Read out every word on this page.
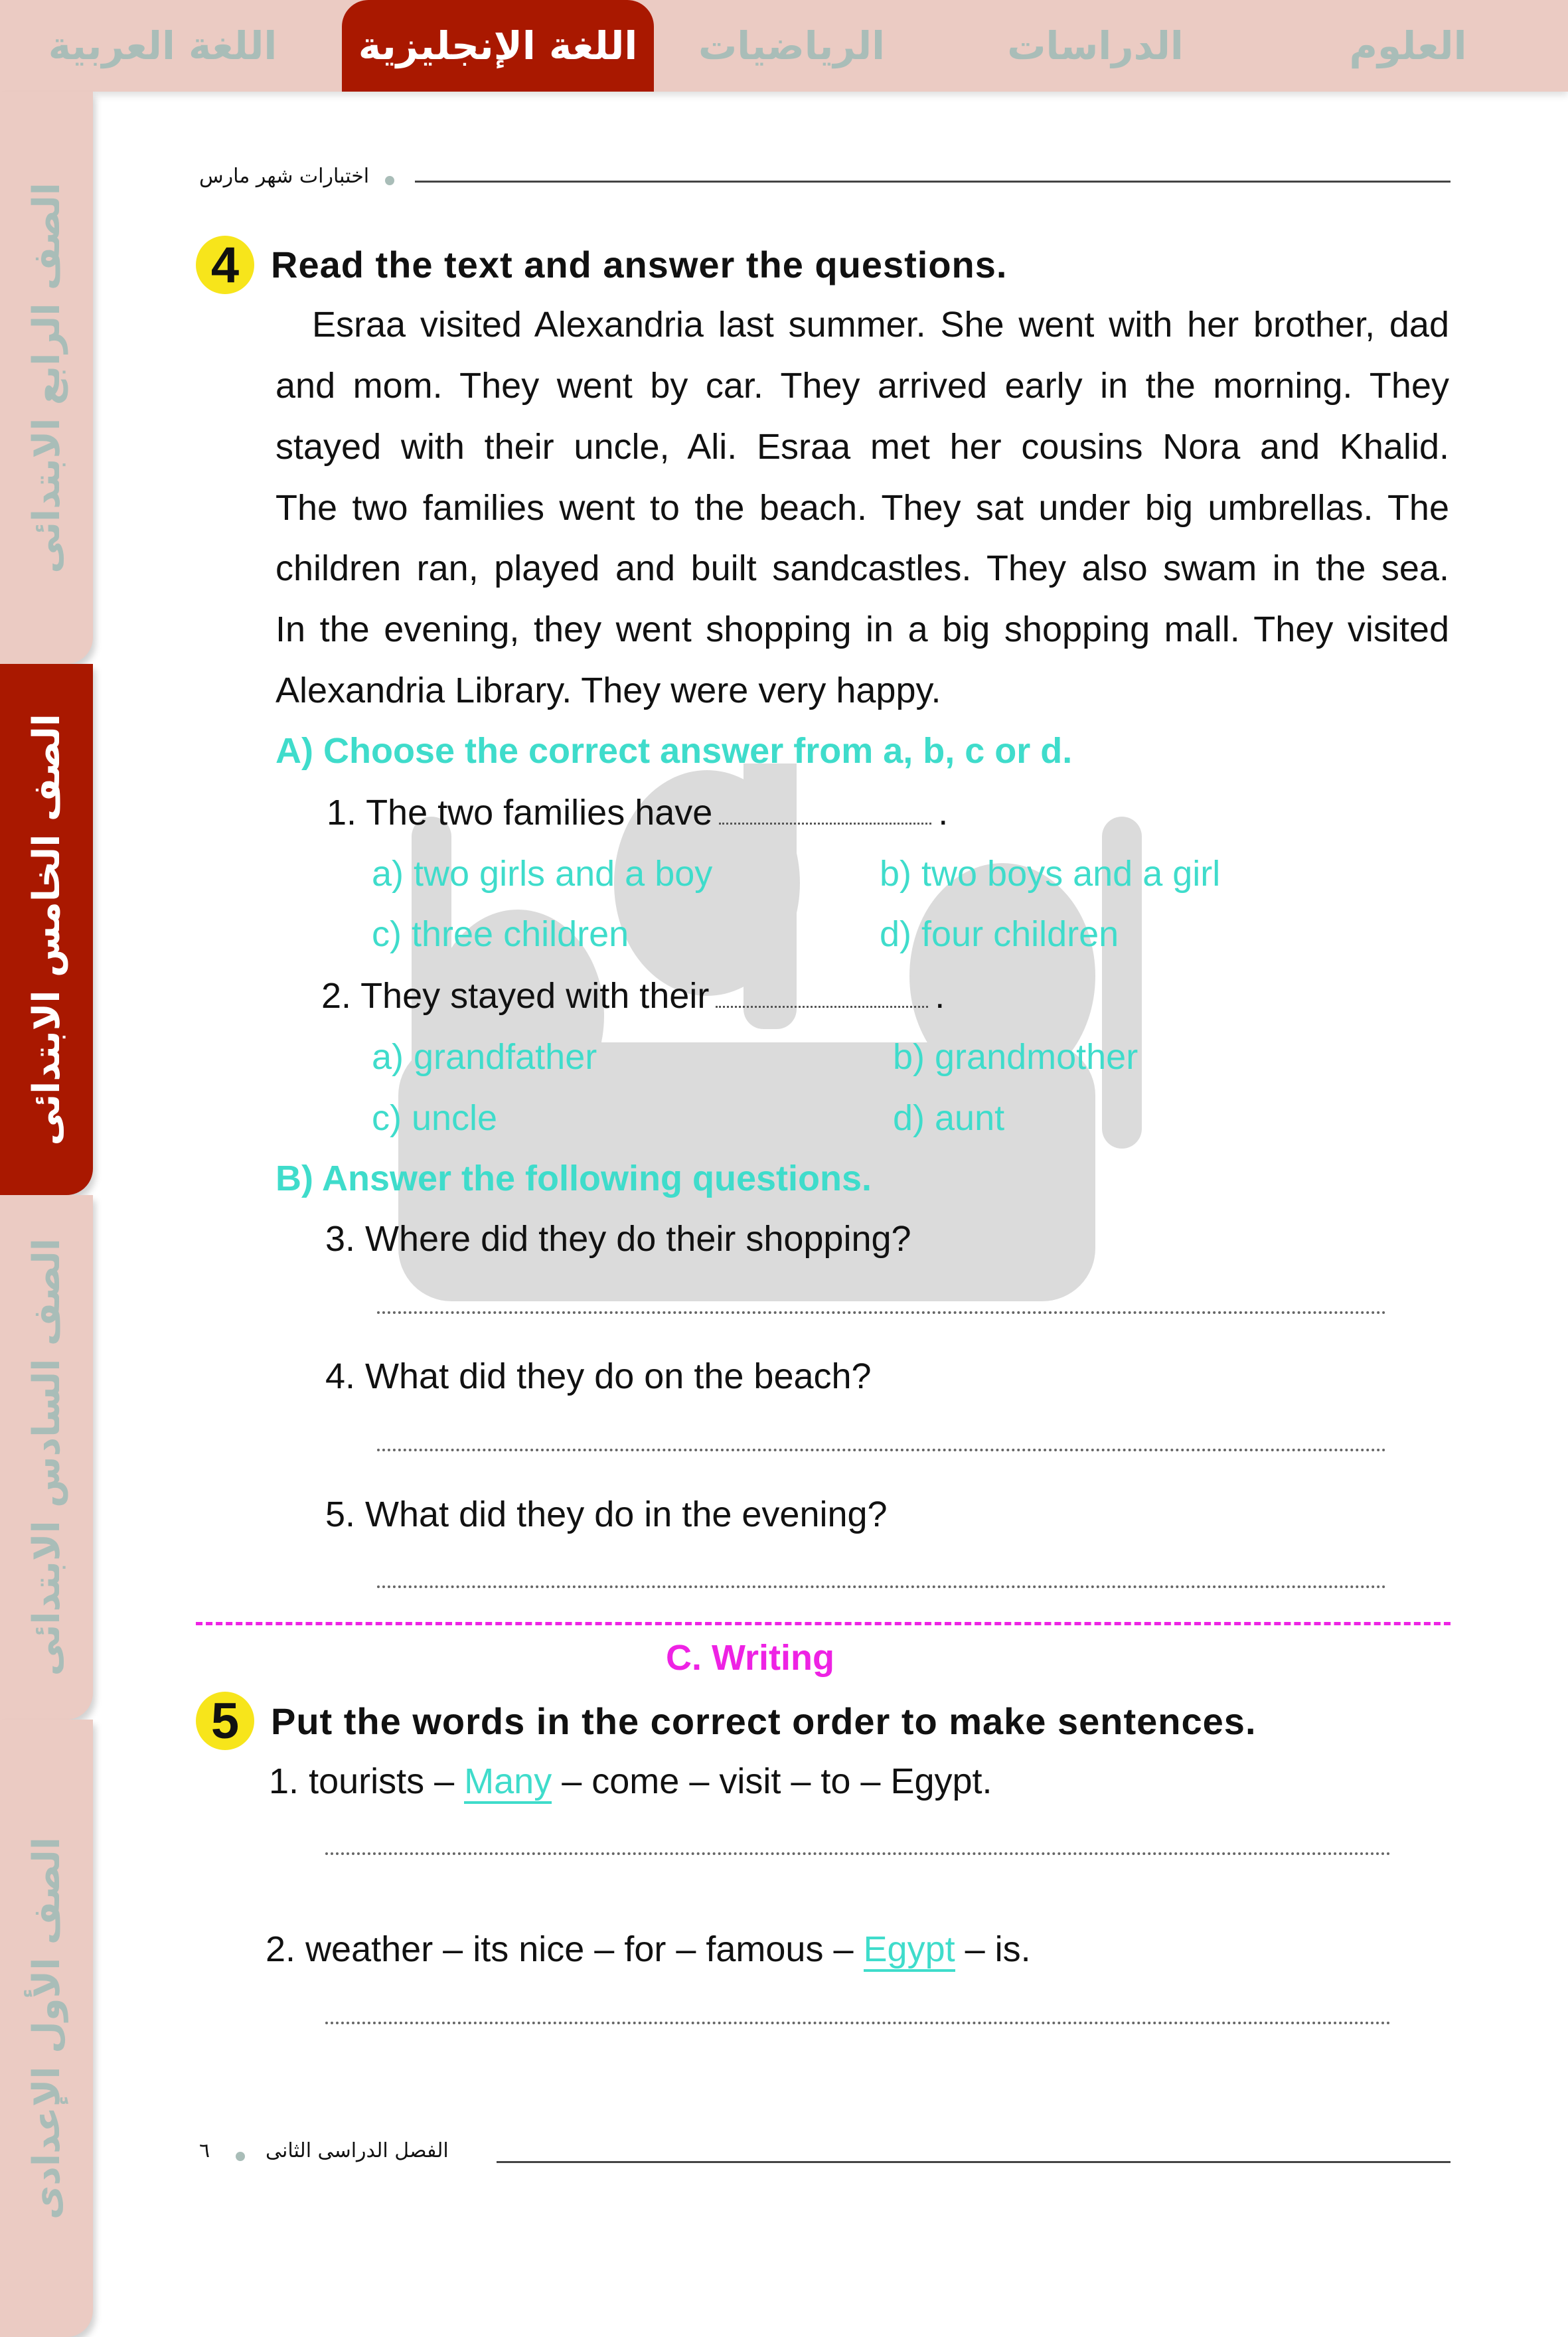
العلوم
الدراسات
الرياضيات
اللغة الإنجليزية
اللغة العربية
الصف الرابع الابتدائى
الصف الخامس الابتدائى
الصف السادس الابتدائى
الصف الأول الإعدادى
اختبارات شهر مارس
4 Read the text and answer the questions.
Esraa visited Alexandria last summer. She went with her brother, dad
and mom. They went by car. They arrived early in the morning. They
stayed with their uncle, Ali. Esraa met her cousins Nora and Khalid.
The two families went to the beach. They sat under big umbrellas. The
children ran, played and built sandcastles. They also swam in the sea.
In the evening, they went shopping in a big shopping mall. They visited
Alexandria Library. They were very happy.
A) Choose the correct answer from a, b, c or d.
1. The two families have	.
a) two girls and a boy	b) two boys and a girl
c) three children	d) four children
2. They stayed with their	.
a) grandfather	b) grandmother
c) uncle	d) aunt
B) Answer the following questions.
3. Where did they do their shopping?
4. What did they do on the beach?
5. What did they do in the evening?
C. Writing
5 Put the words in the correct order to make sentences.
1. tourists – Many – come – visit – to – Egypt.
2. weather – its nice – for – famous – Egypt – is.
الفصل الدراسى الثانى
٦
